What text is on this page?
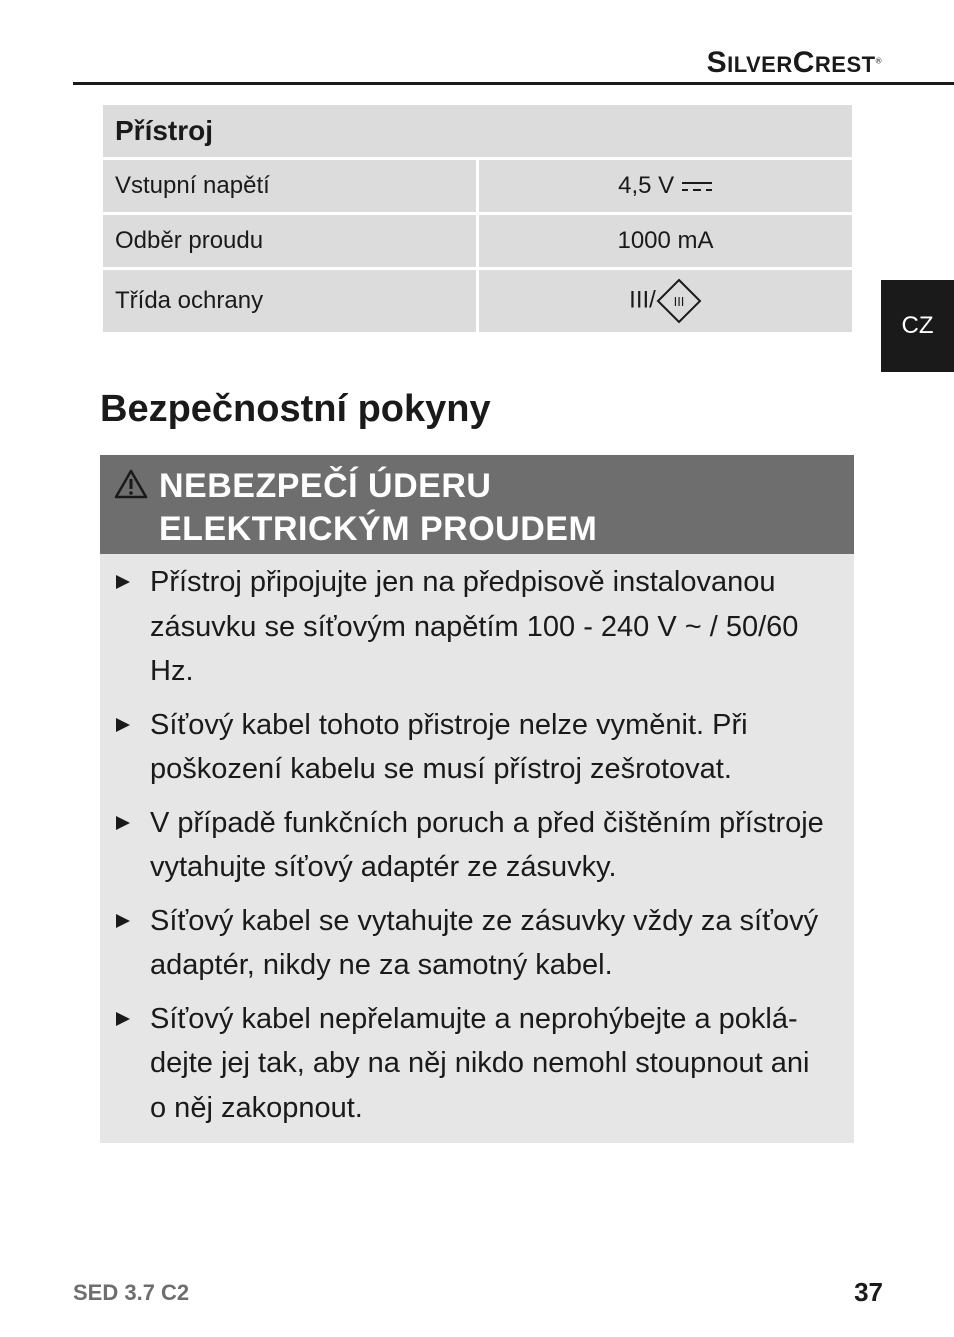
SILVERCREST®
CZ
Přístroj	
Vstupní napětí	4,5 V
Odběr proudu	1000 mA
Třída ochrany	III/ III
Bezpečnostní pokyny
NEBEZPEČÍ ÚDERU
ELEKTRICKÝM PROUDEM
Přístroj připojujte jen na předpisově instalovanou zásuvku se síťovým napětím 100 - 240 V ~ / 50/60 Hz.
Síťový kabel tohoto přistroje nelze vyměnit. Při poškození kabelu se musí přístroj zešrotovat.
V případě funkčních poruch a před čištěním přístroje vytahujte síťový adaptér ze zásuvky.
Síťový kabel se vytahujte ze zásuvky vždy za síťový adaptér, nikdy ne za samotný kabel.
Síťový kabel nepřelamujte a neprohýbejte a poklá-dejte jej tak, aby na něj nikdo nemohl stoupnout ani o něj zakopnout.
SED 3.7 C2	37
